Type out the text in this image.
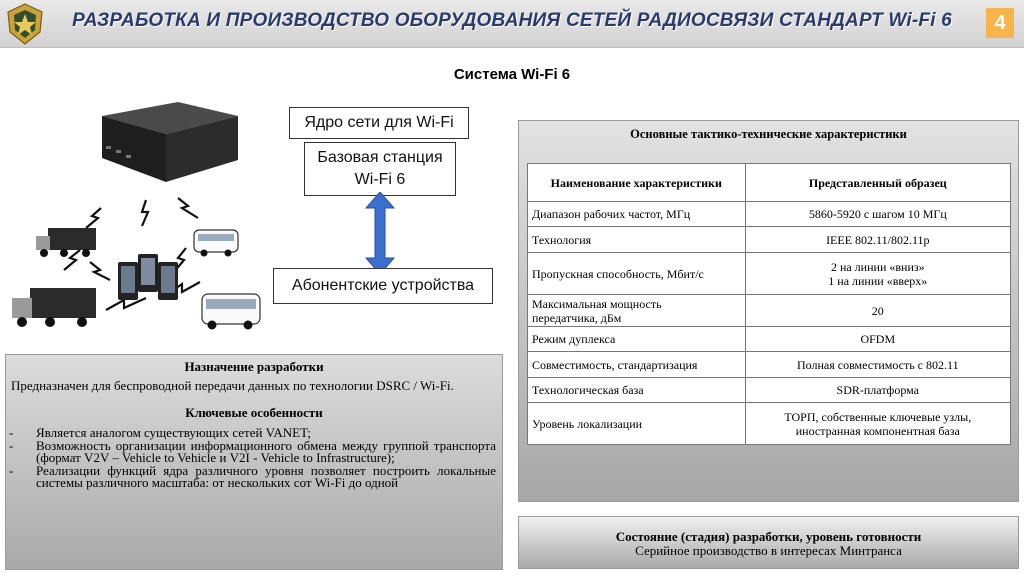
РАЗРАБОТКА И ПРОИЗВОДСТВО ОБОРУДОВАНИЯ СЕТЕЙ РАДИОСВЯЗИ СТАНДАРТ Wi-Fi 6	4
Система Wi-Fi 6
Ядро сети для Wi-Fi
Базовая станция
Wi-Fi 6
Абонентские устройства
Назначение разработки
Предназначен для беспроводной передачи данных по технологии DSRC / Wi-Fi.
Ключевые особенности
- Является аналогом существующих сетей VANET;
- Возможность организации информационного обмена между группой транспорта (формат V2V – Vehicle to Vehicle и V2I - Vehicle to Infrastructure);
- Реализации функций ядра различного уровня позволяет построить локальные системы различного масштаба: от нескольких сот Wi-Fi до одной
Основные тактико-технические характеристики
Наименование характеристики	Представленный образец
Диапазон рабочих частот, МГц	5860-5920 с шагом 10 МГц
Технология	IEEE 802.11/802.11p
Пропускная способность, Мбит/с	2 на линии «вниз»
1 на линии «вверх»

Максимальная мощность
передатчика, дБм	20
Режим дуплекса	OFDM
Совместимость, стандартизация	Полная совместимость с 802.11
Технологическая база	SDR-платформа
Уровень локализации	ТОРП, собственные ключевые узлы,
иностранная компонентная база
Состояние (стадия) разработки, уровень готовности
Серийное производство в интересах Минтранса
